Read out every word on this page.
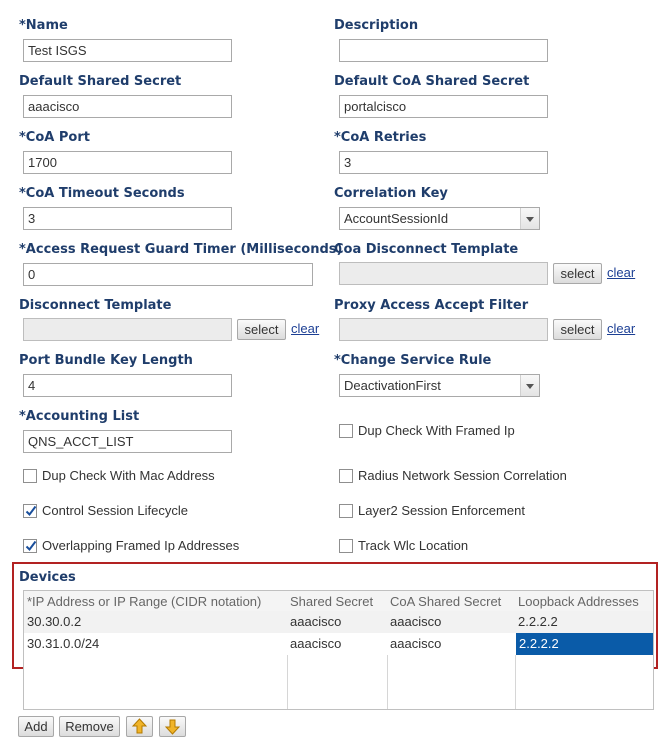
*Name
Test ISGS
Description
Default Shared Secret
aaacisco
Default CoA Shared Secret
portalcisco
*CoA Port
1700
*CoA Retries
3
*CoA Timeout Seconds
3
Correlation Key
AccountSessionId
*Access Request Guard Timer (Milliseconds)
0
Coa Disconnect Template
select clear
Disconnect Template
select clear
Proxy Access Accept Filter
select clear
Port Bundle Key Length
4
*Change Service Rule
DeactivationFirst
*Accounting List
QNS_ACCT_LIST
Dup Check With Framed Ip
Dup Check With Mac Address	Radius Network Session Correlation
Control Session Lifecycle	Layer2 Session Enforcement
Overlapping Framed Ip Addresses	Track Wlc Location
Devices
*IP Address or IP Range (CIDR notation)	Shared Secret	CoA Shared Secret	Loopback Addresses
30.30.0.2	aaacisco	aaacisco	2.2.2.2
30.31.0.0/24	aaacisco	aaacisco	2.2.2.2
Add	Remove
